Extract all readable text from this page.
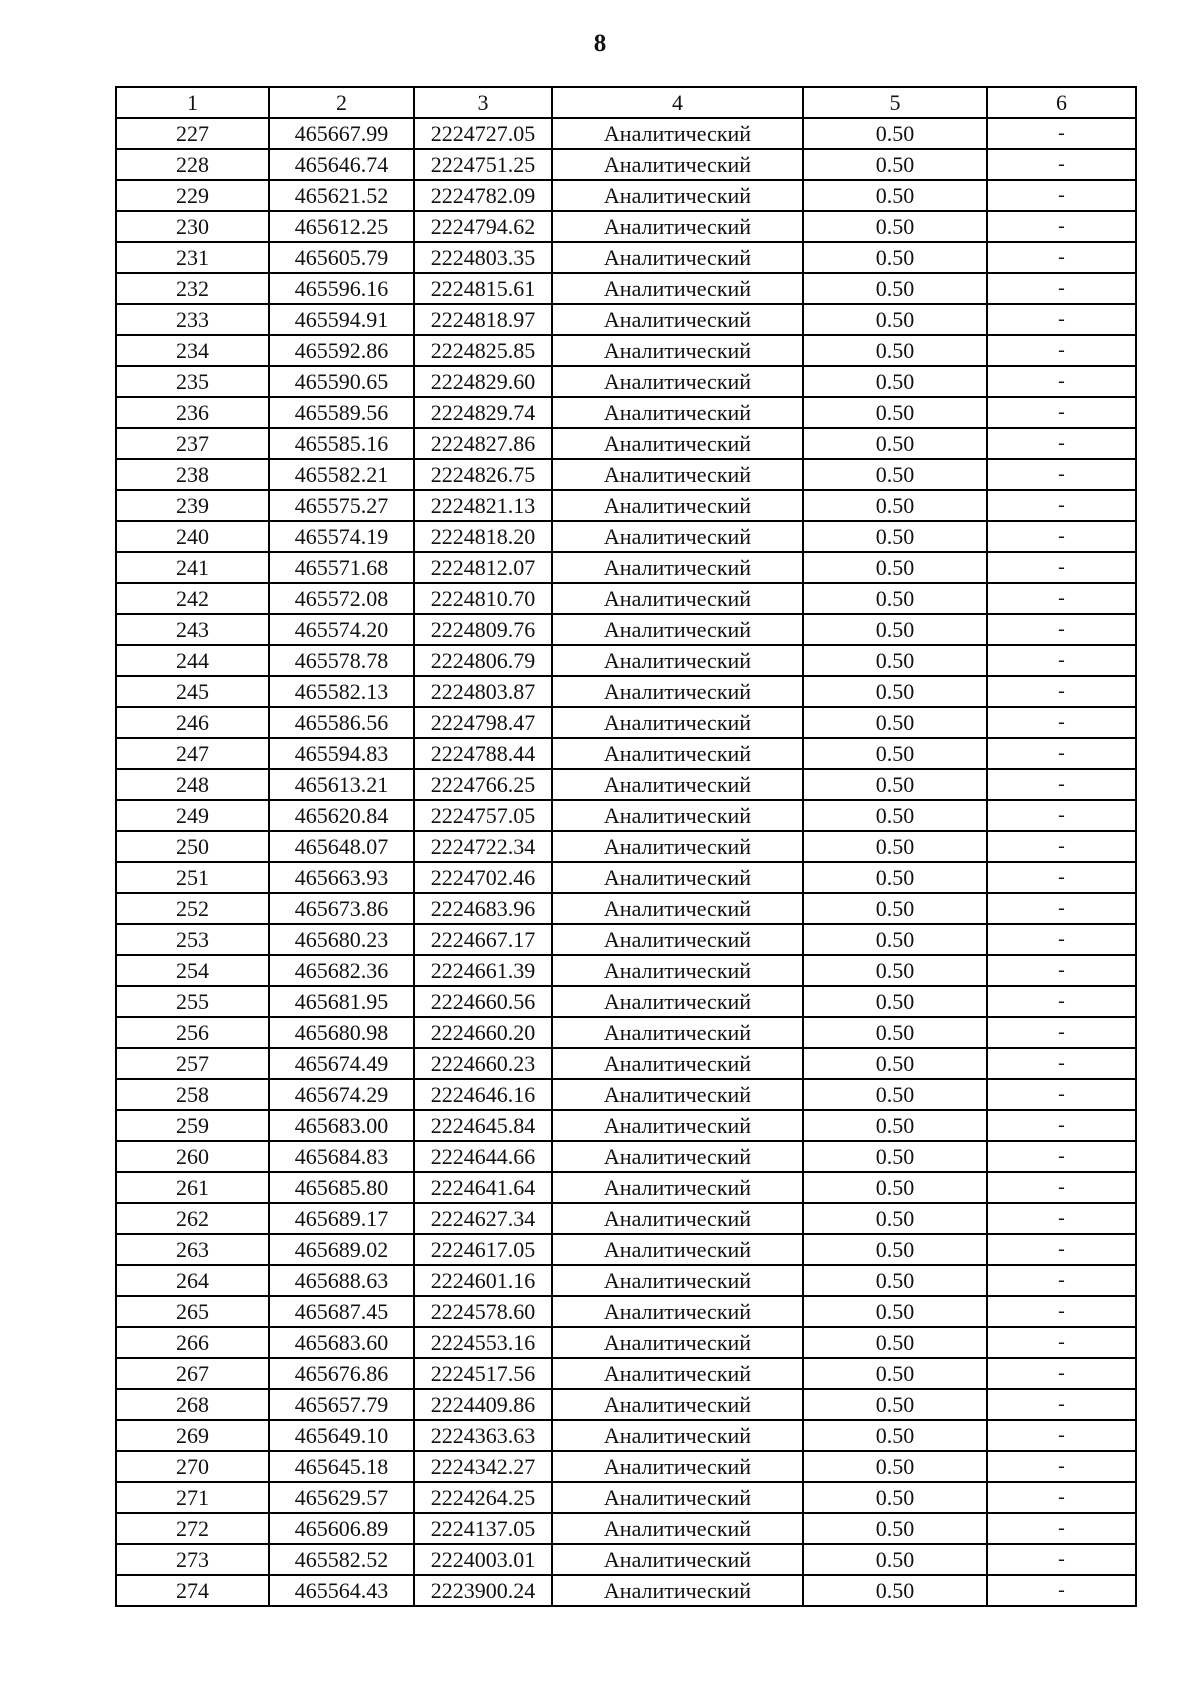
8
1	2	3	4	5	6
227	465667.99	2224727.05	Аналитический	0.50	-
228	465646.74	2224751.25	Аналитический	0.50	-
229	465621.52	2224782.09	Аналитический	0.50	-
230	465612.25	2224794.62	Аналитический	0.50	-
231	465605.79	2224803.35	Аналитический	0.50	-
232	465596.16	2224815.61	Аналитический	0.50	-
233	465594.91	2224818.97	Аналитический	0.50	-
234	465592.86	2224825.85	Аналитический	0.50	-
235	465590.65	2224829.60	Аналитический	0.50	-
236	465589.56	2224829.74	Аналитический	0.50	-
237	465585.16	2224827.86	Аналитический	0.50	-
238	465582.21	2224826.75	Аналитический	0.50	-
239	465575.27	2224821.13	Аналитический	0.50	-
240	465574.19	2224818.20	Аналитический	0.50	-
241	465571.68	2224812.07	Аналитический	0.50	-
242	465572.08	2224810.70	Аналитический	0.50	-
243	465574.20	2224809.76	Аналитический	0.50	-
244	465578.78	2224806.79	Аналитический	0.50	-
245	465582.13	2224803.87	Аналитический	0.50	-
246	465586.56	2224798.47	Аналитический	0.50	-
247	465594.83	2224788.44	Аналитический	0.50	-
248	465613.21	2224766.25	Аналитический	0.50	-
249	465620.84	2224757.05	Аналитический	0.50	-
250	465648.07	2224722.34	Аналитический	0.50	-
251	465663.93	2224702.46	Аналитический	0.50	-
252	465673.86	2224683.96	Аналитический	0.50	-
253	465680.23	2224667.17	Аналитический	0.50	-
254	465682.36	2224661.39	Аналитический	0.50	-
255	465681.95	2224660.56	Аналитический	0.50	-
256	465680.98	2224660.20	Аналитический	0.50	-
257	465674.49	2224660.23	Аналитический	0.50	-
258	465674.29	2224646.16	Аналитический	0.50	-
259	465683.00	2224645.84	Аналитический	0.50	-
260	465684.83	2224644.66	Аналитический	0.50	-
261	465685.80	2224641.64	Аналитический	0.50	-
262	465689.17	2224627.34	Аналитический	0.50	-
263	465689.02	2224617.05	Аналитический	0.50	-
264	465688.63	2224601.16	Аналитический	0.50	-
265	465687.45	2224578.60	Аналитический	0.50	-
266	465683.60	2224553.16	Аналитический	0.50	-
267	465676.86	2224517.56	Аналитический	0.50	-
268	465657.79	2224409.86	Аналитический	0.50	-
269	465649.10	2224363.63	Аналитический	0.50	-
270	465645.18	2224342.27	Аналитический	0.50	-
271	465629.57	2224264.25	Аналитический	0.50	-
272	465606.89	2224137.05	Аналитический	0.50	-
273	465582.52	2224003.01	Аналитический	0.50	-
274	465564.43	2223900.24	Аналитический	0.50	-
